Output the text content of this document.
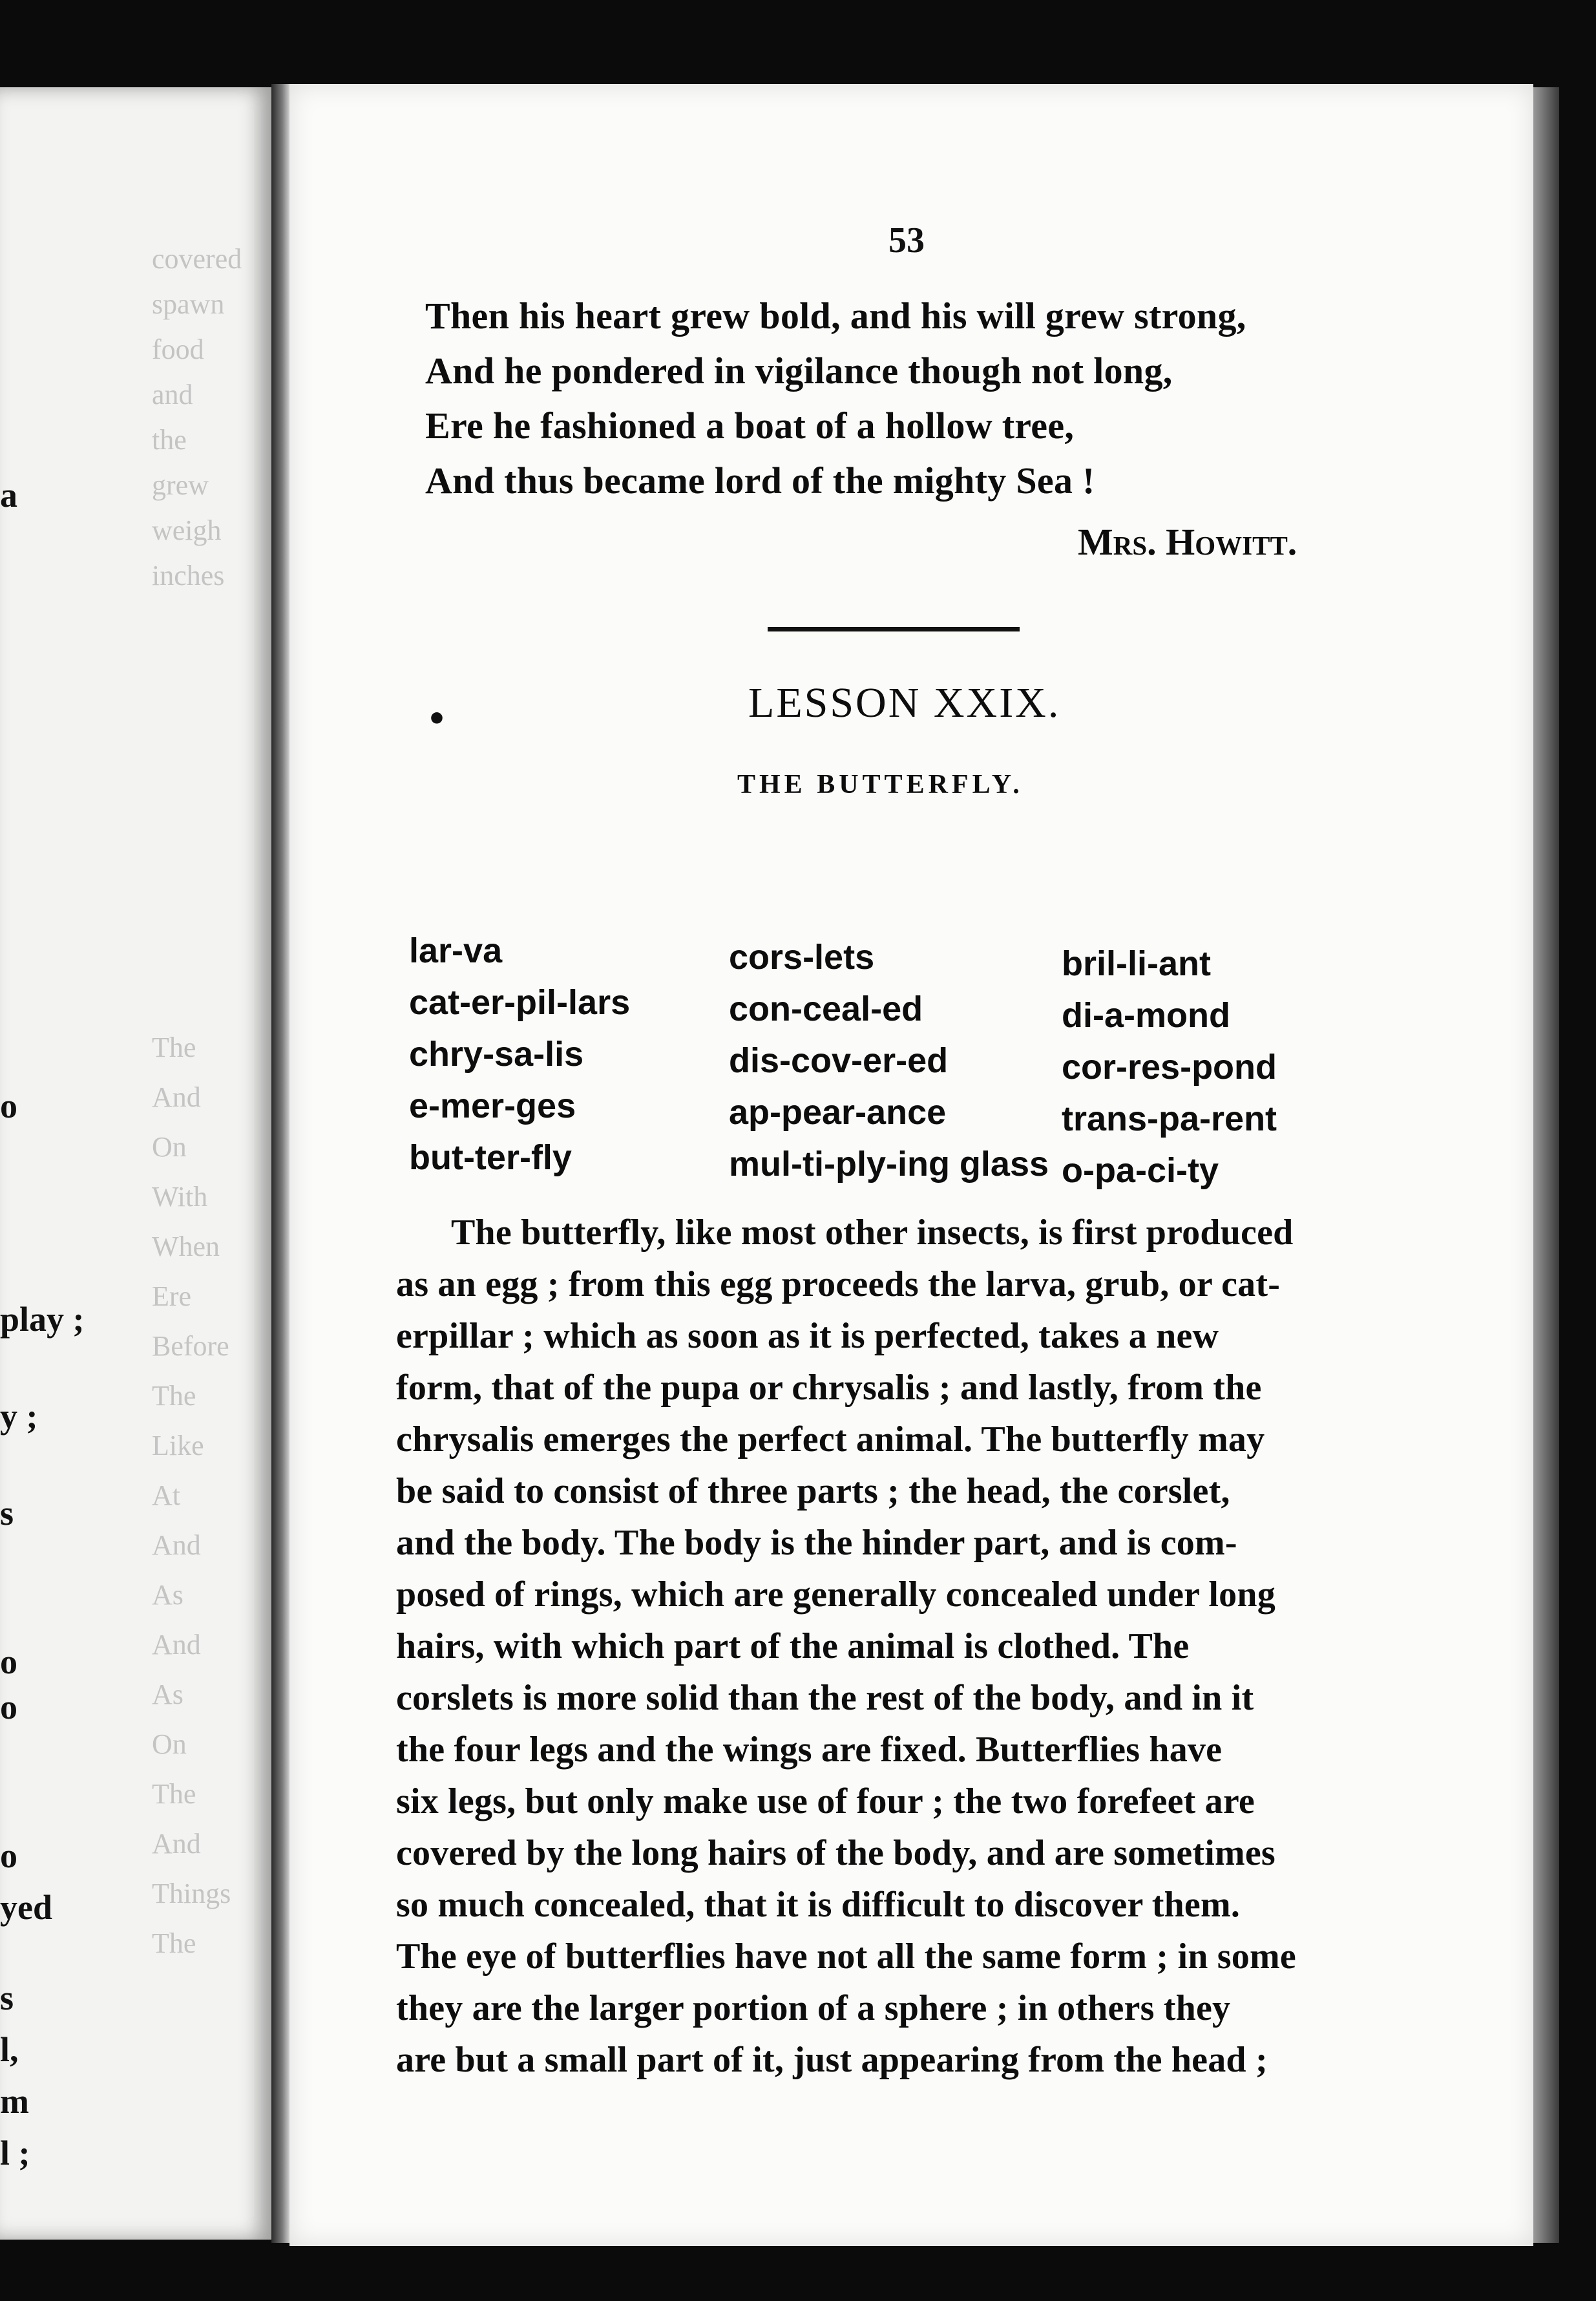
covered
spawn
food
and
the
grew
weigh
inches
The
And
On
With
When
Ere
Before
The
Like
At
And
As
And
As
On
The
And
Things
The
a
o
play ;
y ;
s
o
o
o
yed
s
l,
m
l ;
53
Then his heart grew bold, and his will grew strong,
And he pondered in vigilance though not long,
Ere he fashioned a boat of a hollow tree,
And thus became lord of the mighty Sea !
Mrs. Howitt.
•	LESSON XXIX.
THE BUTTERFLY.
lar-va
cat-er-pil-lars
chry-sa-lis
e-mer-ges
but-ter-fly
cors-lets
con-ceal-ed
dis-cov-er-ed
ap-pear-ance
mul-ti-ply-ing glass
bril-li-ant
di-a-mond
cor-res-pond
trans-pa-rent
o-pa-ci-ty
The butterfly, like most other insects, is first produced
as an egg ; from this egg proceeds the larva, grub, or cat-
erpillar ; which as soon as it is perfected, takes a new
form, that of the pupa or chrysalis ; and lastly, from the
chrysalis emerges the perfect animal. The butterfly may
be said to consist of three parts ; the head, the corslet,
and the body. The body is the hinder part, and is com-
posed of rings, which are generally concealed under long
hairs, with which part of the animal is clothed. The
corslets is more solid than the rest of the body, and in it
the four legs and the wings are fixed. Butterflies have
six legs, but only make use of four ; the two forefeet are
covered by the long hairs of the body, and are sometimes
so much concealed, that it is difficult to discover them.
The eye of butterflies have not all the same form ; in some
they are the larger portion of a sphere ; in others they
are but a small part of it, just appearing from the head ;
